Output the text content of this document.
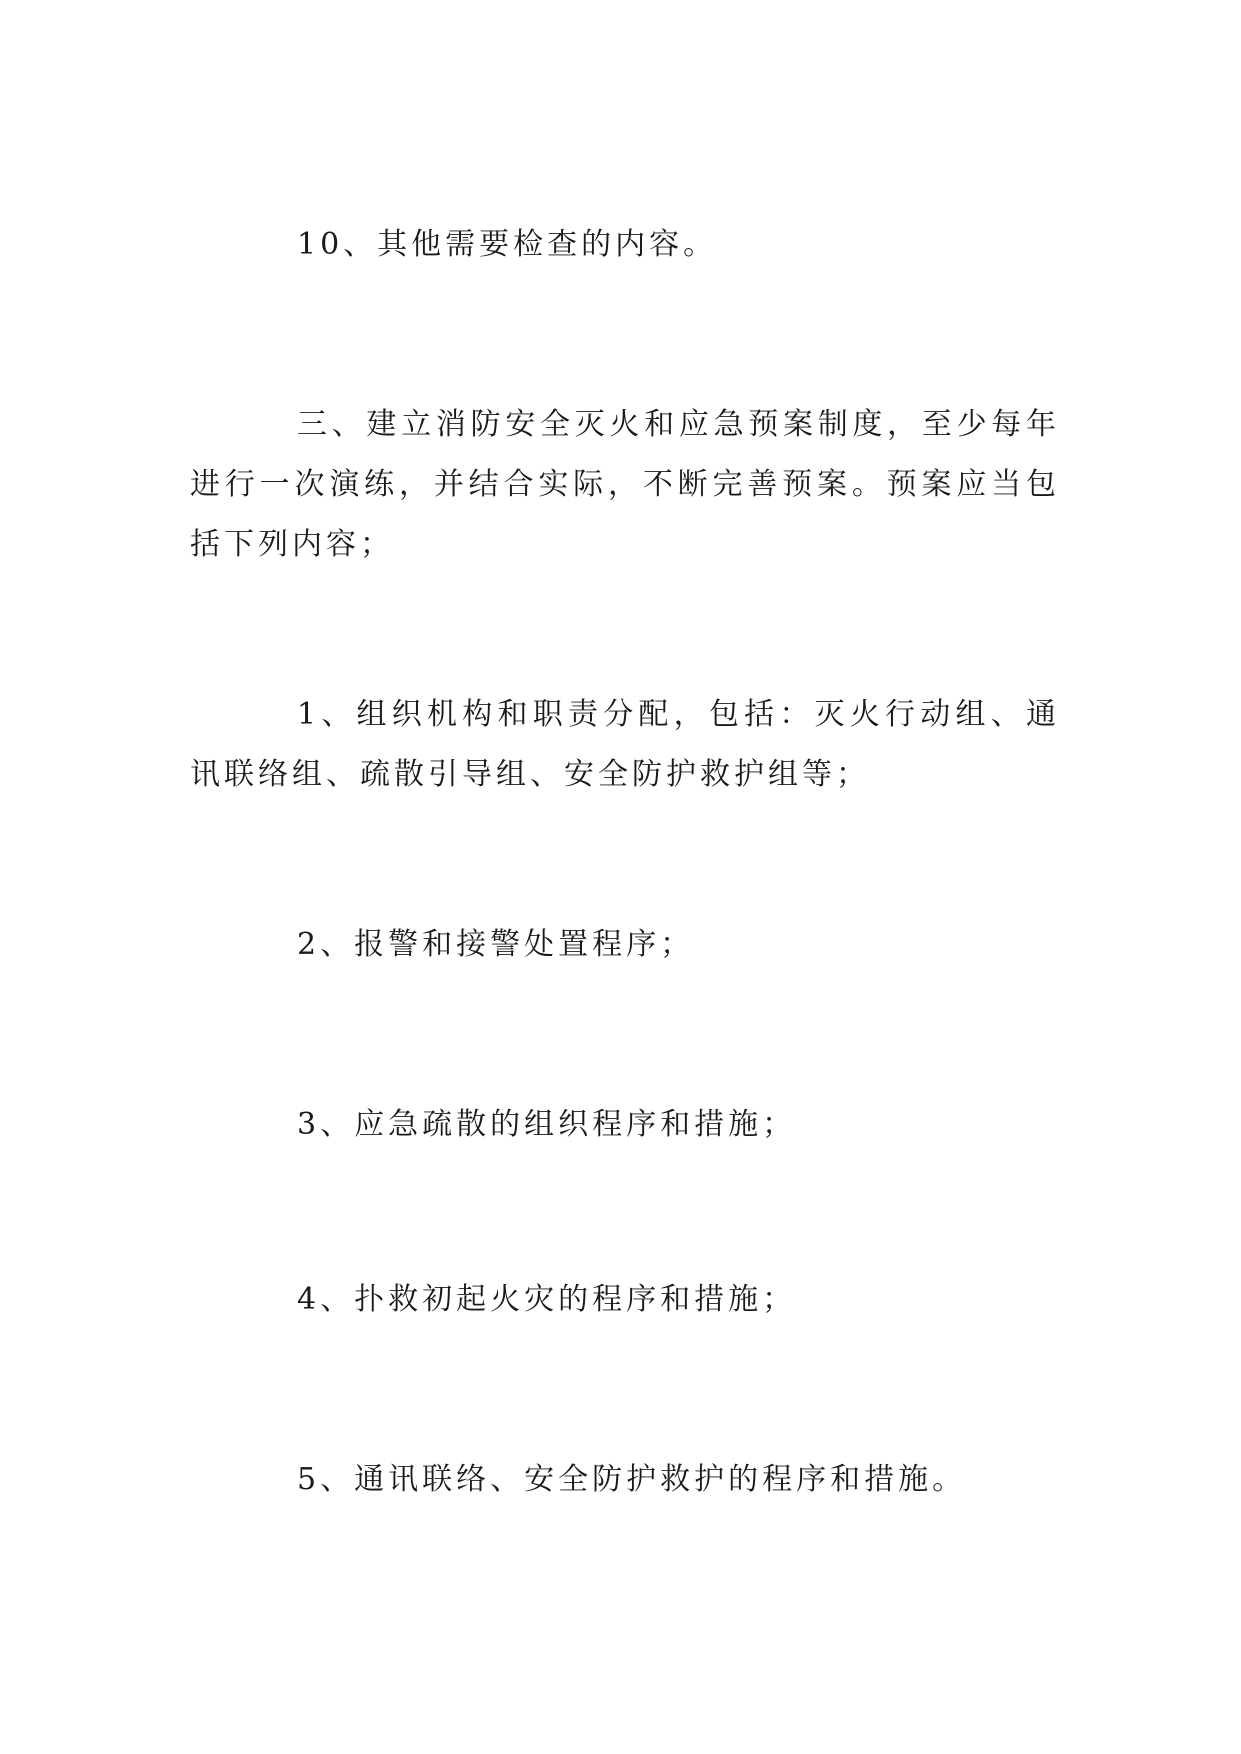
10、其他需要检查的内容。

三、建立消防安全灭火和应急预案制度，至少每年进行一次演练，并结合实际，不断完善预案。预案应当包括下列内容；

1、组织机构和职责分配，包括：灭火行动组、通讯联络组、疏散引导组、安全防护救护组等；

2、报警和接警处置程序；

3、应急疏散的组织程序和措施；

4、扑救初起火灾的程序和措施；

5、通讯联络、安全防护救护的程序和措施。
